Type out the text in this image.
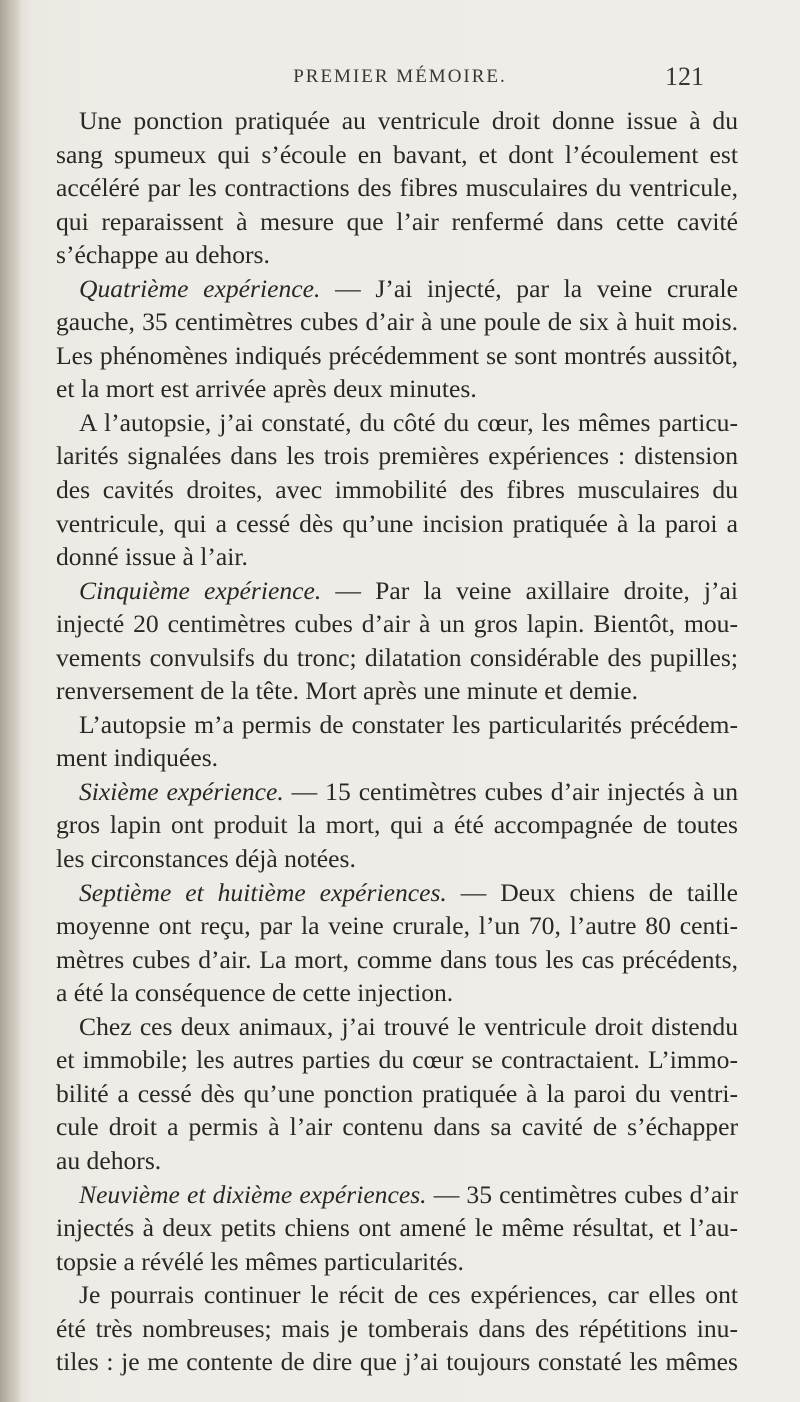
PREMIER MÉMOIRE.	121
Une ponction pratiquée au ventricule droit donne issue à du
sang spumeux qui s’écoule en bavant, et dont l’écoulement est
accéléré par les contractions des fibres musculaires du ventricule,
qui reparaissent à mesure que l’air renfermé dans cette cavité
s’échappe au dehors.
Quatrième expérience. — J’ai injecté, par la veine crurale
gauche, 35 centimètres cubes d’air à une poule de six à huit mois.
Les phénomènes indiqués précédemment se sont montrés aussitôt,
et la mort est arrivée après deux minutes.
A l’autopsie, j’ai constaté, du côté du cœur, les mêmes particu-
larités signalées dans les trois premières expériences : distension
des cavités droites, avec immobilité des fibres musculaires du
ventricule, qui a cessé dès qu’une incision pratiquée à la paroi a
donné issue à l’air.
Cinquième expérience. — Par la veine axillaire droite, j’ai
injecté 20 centimètres cubes d’air à un gros lapin. Bientôt, mou-
vements convulsifs du tronc; dilatation considérable des pupilles;
renversement de la tête. Mort après une minute et demie.
L’autopsie m’a permis de constater les particularités précédem-
ment indiquées.
Sixième expérience. — 15 centimètres cubes d’air injectés à un
gros lapin ont produit la mort, qui a été accompagnée de toutes
les circonstances déjà notées.
Septième et huitième expériences. — Deux chiens de taille
moyenne ont reçu, par la veine crurale, l’un 70, l’autre 80 centi-
mètres cubes d’air. La mort, comme dans tous les cas précédents,
a été la conséquence de cette injection.
Chez ces deux animaux, j’ai trouvé le ventricule droit distendu
et immobile; les autres parties du cœur se contractaient. L’immo-
bilité a cessé dès qu’une ponction pratiquée à la paroi du ventri-
cule droit a permis à l’air contenu dans sa cavité de s’échapper
au dehors.
Neuvième et dixième expériences. — 35 centimètres cubes d’air
injectés à deux petits chiens ont amené le même résultat, et l’au-
topsie a révélé les mêmes particularités.
Je pourrais continuer le récit de ces expériences, car elles ont
été très nombreuses; mais je tomberais dans des répétitions inu-
tiles : je me contente de dire que j’ai toujours constaté les mêmes
